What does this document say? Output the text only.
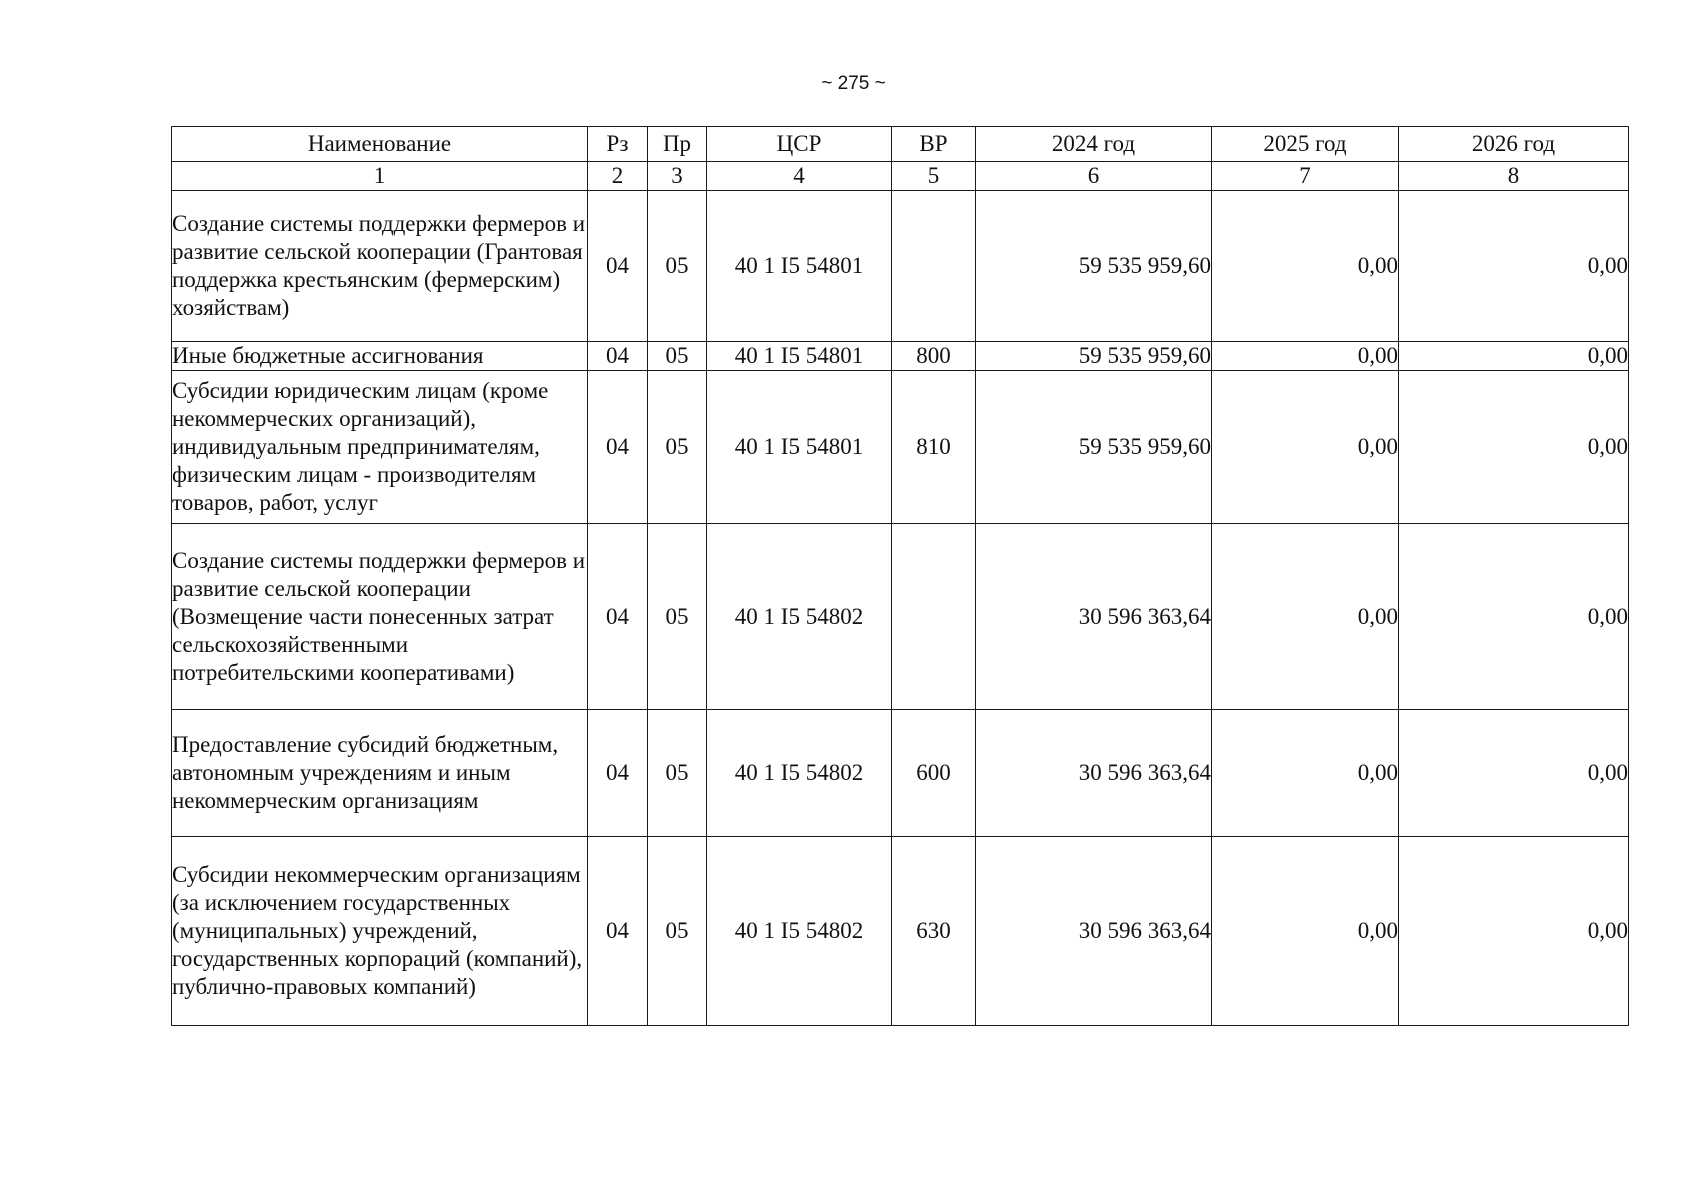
~ 275 ~
Наименование	Рз	Пр	ЦСР	ВР	2024 год	2025 год	2026 год
1	2	3	4	5	6	7	8
Создание системы поддержки фермеров и развитие сельской кооперации (Грантовая поддержка крестьянским (фермерским) хозяйствам)	04	05	40 1 I5 54801		59 535 959,60	0,00	0,00
Иные бюджетные ассигнования	04	05	40 1 I5 54801	800	59 535 959,60	0,00	0,00
Субсидии юридическим лицам (кроме некоммерческих организаций), индивидуальным предпринимателям, физическим лицам - производителям товаров, работ, услуг	04	05	40 1 I5 54801	810	59 535 959,60	0,00	0,00
Создание системы поддержки фермеров и развитие сельской кооперации (Возмещение части понесенных затрат сельскохозяйственными потребительскими кооперативами)	04	05	40 1 I5 54802		30 596 363,64	0,00	0,00
Предоставление субсидий бюджетным, автономным учреждениям и иным некоммерческим организациям	04	05	40 1 I5 54802	600	30 596 363,64	0,00	0,00
Субсидии некоммерческим организациям (за исключением государственных (муниципальных) учреждений, государственных корпораций (компаний), публично-правовых компаний)	04	05	40 1 I5 54802	630	30 596 363,64	0,00	0,00
